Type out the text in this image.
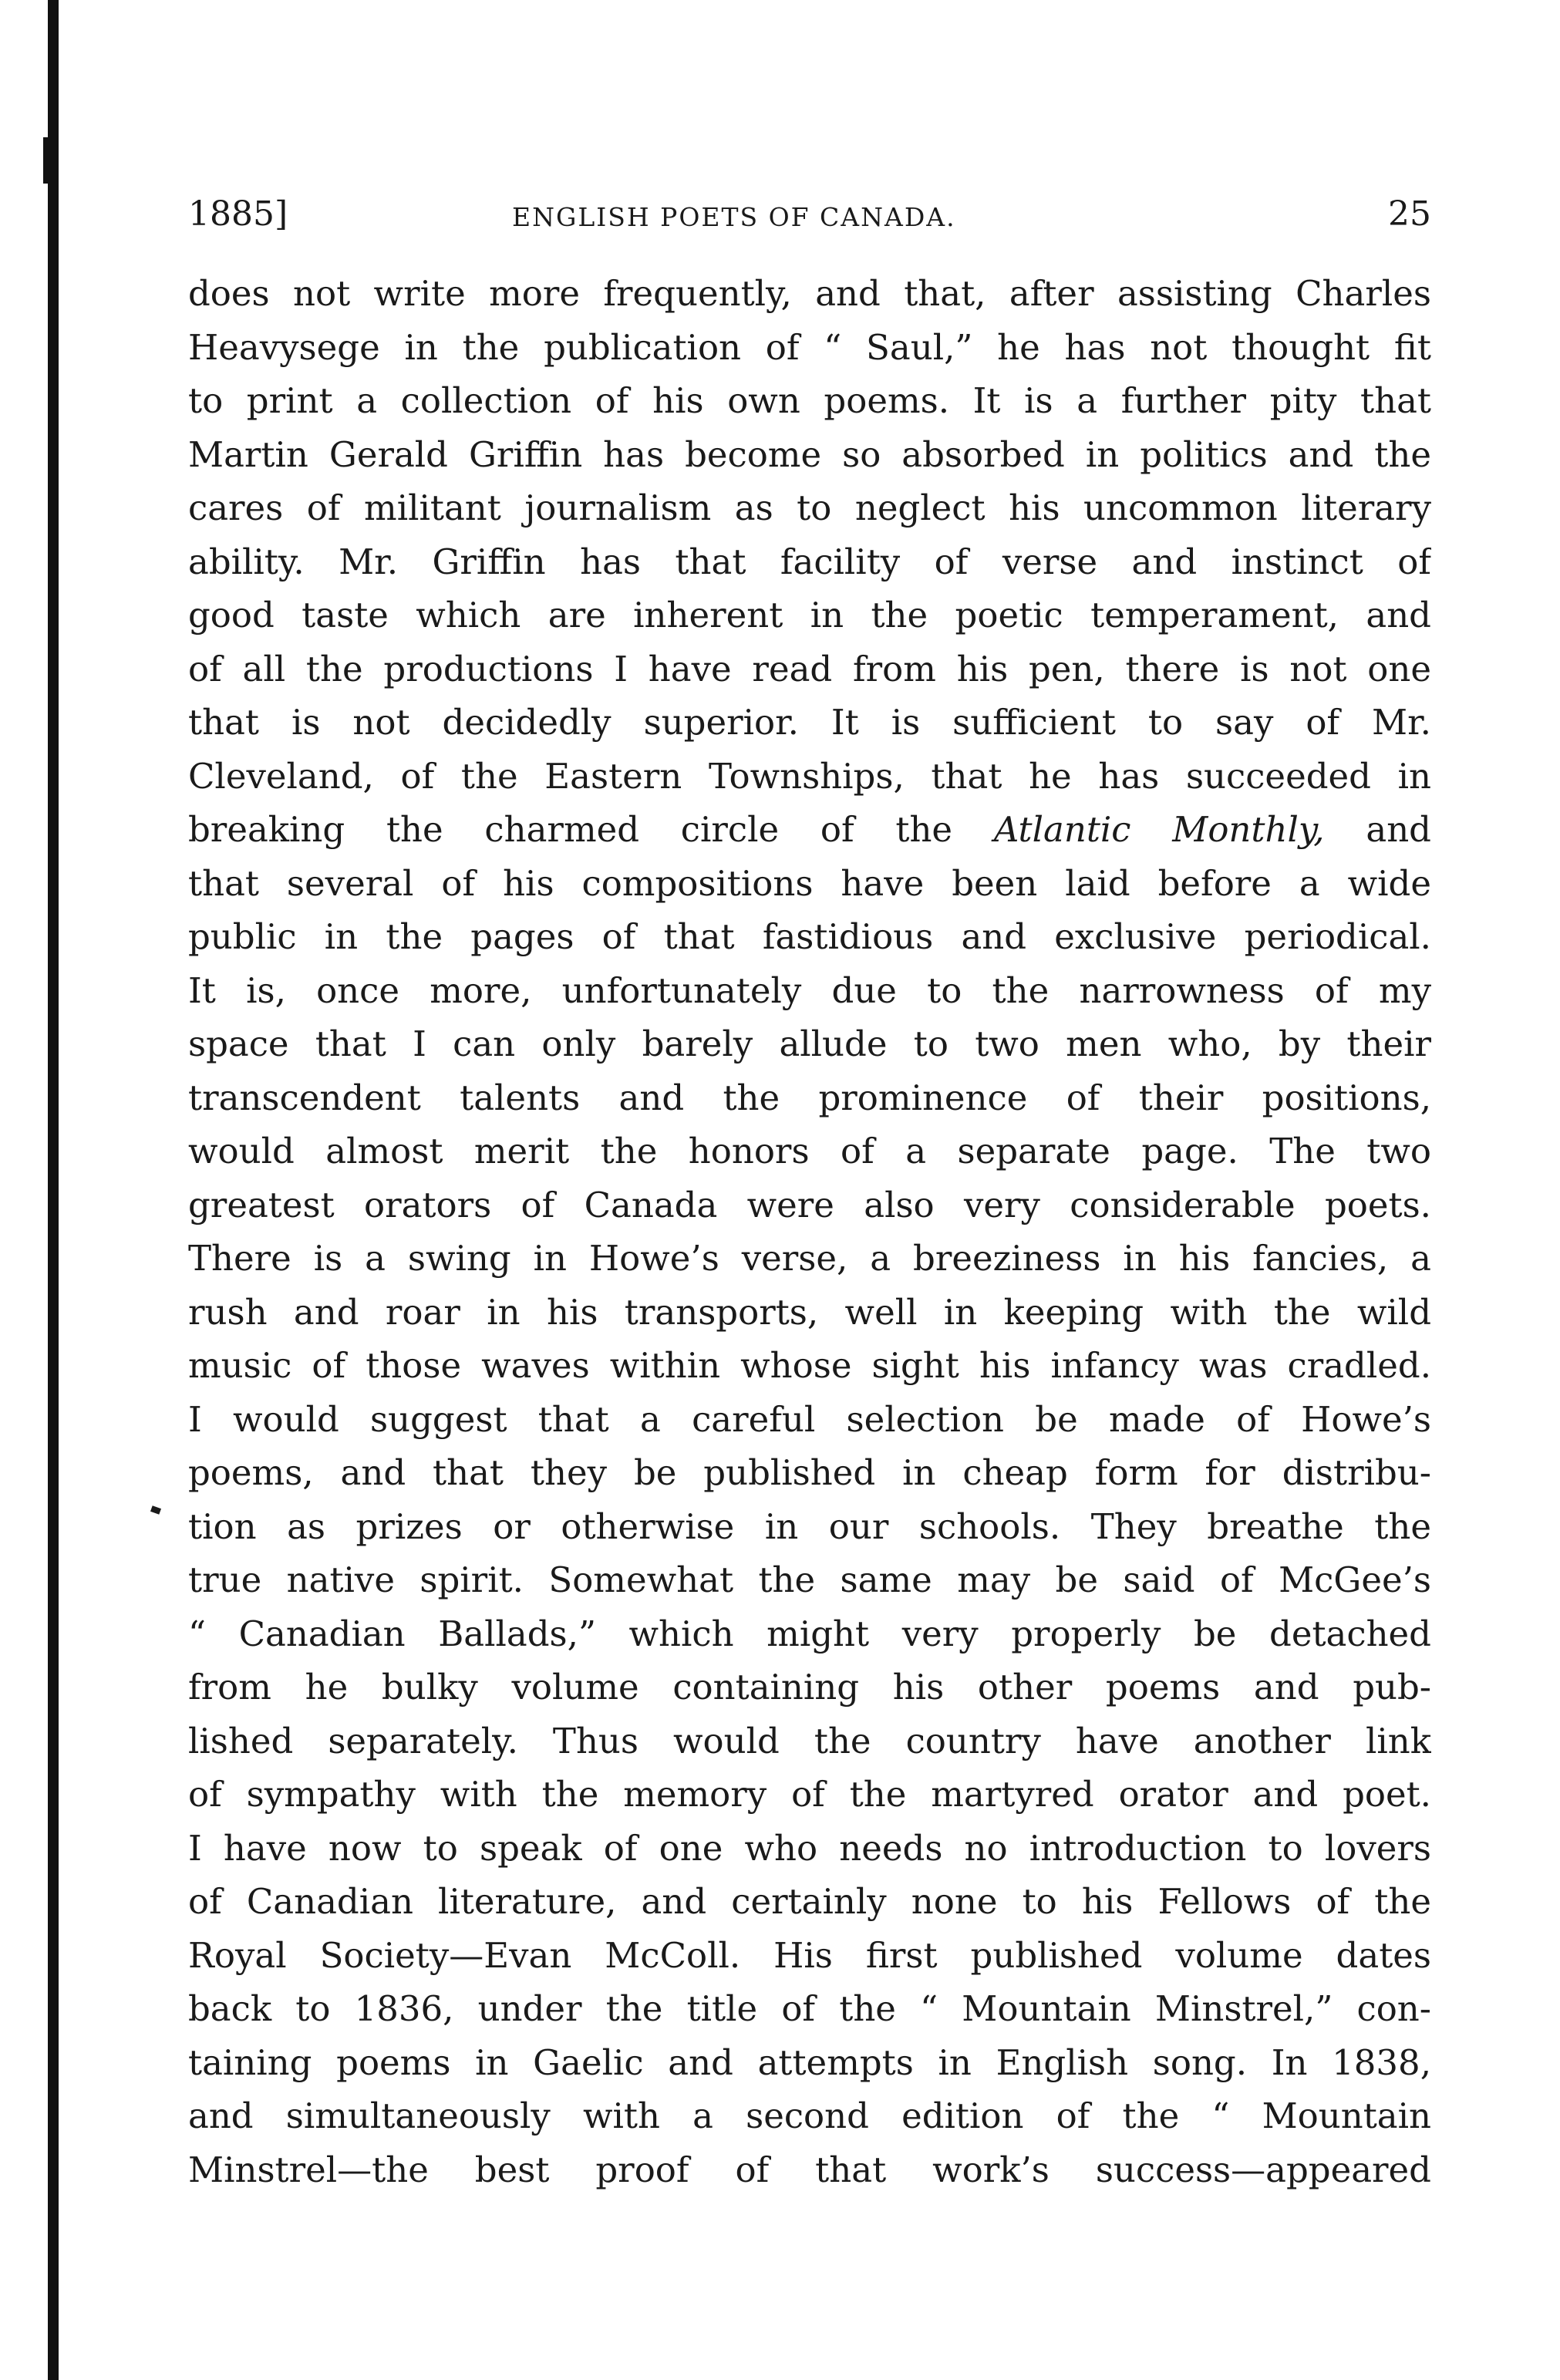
1885]	ENGLISH POETS OF CANADA.	25
does not write more frequently, and that, after assisting Charles
Heavysege in the publication of “ Saul,” he has not thought fit
to print a collection of his own poems. It is a further pity that
Martin Gerald Griffin has become so absorbed in politics and the
cares of militant journalism as to neglect his uncommon literary
ability. Mr. Griffin has that facility of verse and instinct of
good taste which are inherent in the poetic temperament, and
of all the productions I have read from his pen, there is not one
that is not decidedly superior. It is sufficient to say of Mr.
Cleveland, of the Eastern Townships, that he has succeeded in
breaking the charmed circle of the Atlantic Monthly, and
that several of his compositions have been laid before a wide
public in the pages of that fastidious and exclusive periodical.
It is, once more, unfortunately due to the narrowness of my
space that I can only barely allude to two men who, by their
transcendent talents and the prominence of their positions,
would almost merit the honors of a separate page. The two
greatest orators of Canada were also very considerable poets.
There is a swing in Howe’s verse, a breeziness in his fancies, a
rush and roar in his transports, well in keeping with the wild
music of those waves within whose sight his infancy was cradled.
I would suggest that a careful selection be made of Howe’s
poems, and that they be published in cheap form for distribu-
tion as prizes or otherwise in our schools. They breathe the
true native spirit. Somewhat the same may be said of McGee’s
“ Canadian Ballads,” which might very properly be detached
from he bulky volume containing his other poems and pub-
lished separately. Thus would the country have another link
of sympathy with the memory of the martyred orator and poet.
I have now to speak of one who needs no introduction to lovers
of Canadian literature, and certainly none to his Fellows of the
Royal Society—Evan McColl. His first published volume dates
back to 1836, under the title of the “ Mountain Minstrel,” con-
taining poems in Gaelic and attempts in English song. In 1838,
and simultaneously with a second edition of the “ Mountain
Minstrel—the best proof of that work’s success—appeared
